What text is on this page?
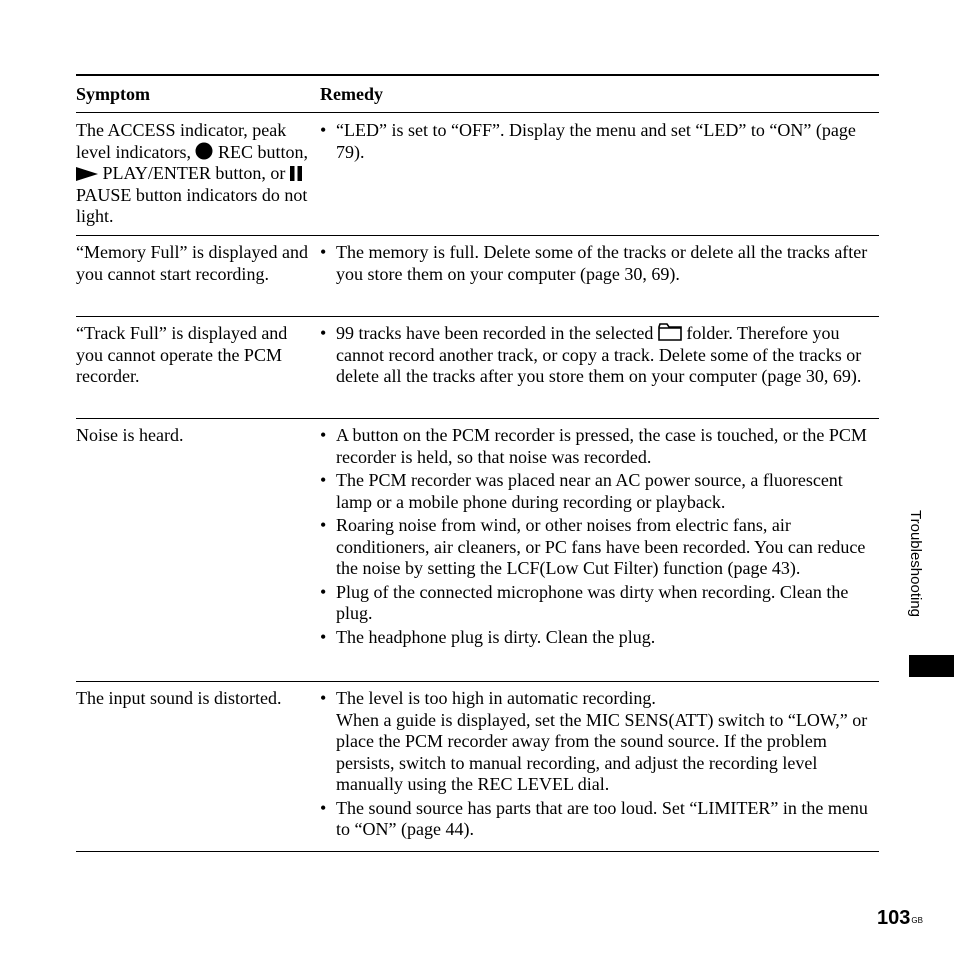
Symptom	Remedy
The ACCESS indicator, peak level indicators, REC button,  PLAY/ENTER button, or  PAUSE button indicators do not light.
• “LED” is set to “OFF”. Display the menu and set “LED” to “ON” (page 79).
“Memory Full” is displayed and you cannot start recording.
• The memory is full. Delete some of the tracks or delete all the tracks after you store them on your computer (page 30, 69).
“Track Full” is displayed and you cannot operate the PCM recorder.
• 99 tracks have been recorded in the selected folder. Therefore you cannot record another track, or copy a track. Delete some of the tracks or delete all the tracks after you store them on your computer (page 30, 69).
Noise is heard.	• A button on the PCM recorder is pressed, the case is touched, or the PCM recorder is held, so that noise was recorded.
• The PCM recorder was placed near an AC power source, a fluorescent lamp or a mobile phone during recording or playback.
• Roaring noise from wind, or other noises from electric fans, air conditioners, air cleaners, or PC fans have been recorded. You can reduce the noise by setting the LCF(Low Cut Filter) function (page 43).
• Plug of the connected microphone was dirty when recording. Clean the plug.
• The headphone plug is dirty. Clean the plug.
The input sound is distorted.	• The level is too high in automatic recording.
When a guide is displayed, set the MIC SENS(ATT) switch to “LOW,” or place the PCM recorder away from the sound source. If the problem persists, switch to manual recording, and adjust the recording level manually using the REC LEVEL dial.
• The sound source has parts that are too loud. Set “LIMITER” in the menu to “ON” (page 44).
Troubleshooting
$103^{GB}$
